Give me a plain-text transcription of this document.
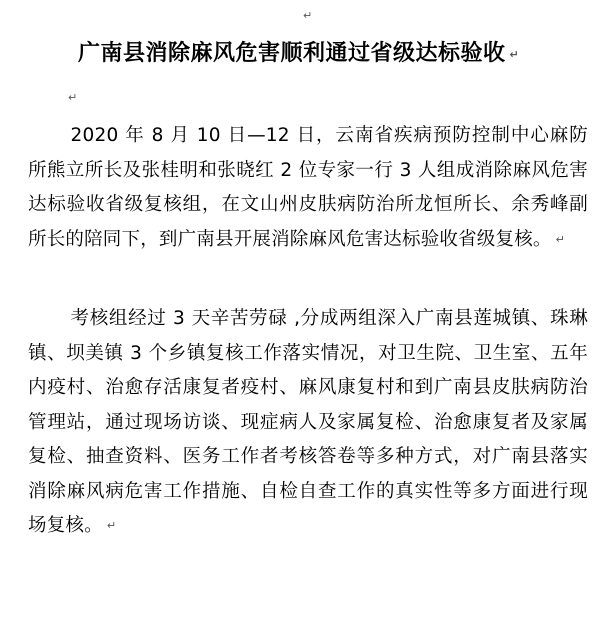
↵
广南县消除麻风危害顺利通过省级达标验收 ↵
↵
2020 年 8 月 10 日—12 日，云南省疾病预防控制中心麻防所熊立所长及张桂明和张晓红 2 位专家一行 3 人组成消除麻风危害达标验收省级复核组，在文山州皮肤病防治所龙恒所长、余秀峰副所长的陪同下，到广南县开展消除麻风危害达标验收省级复核。 ↵
考核组经过 3 天辛苦劳碌 ,分成两组深入广南县莲城镇、珠琳镇、坝美镇 3 个乡镇复核工作落实情况，对卫生院、卫生室、五年内疫村、治愈存活康复者疫村、麻风康复村和到广南县皮肤病防治管理站，通过现场访谈、现症病人及家属复检、治愈康复者及家属复检、抽查资料、医务工作者考核答卷等多种方式，对广南县落实消除麻风病危害工作措施、自检自查工作的真实性等多方面进行现场复核。 ↵
